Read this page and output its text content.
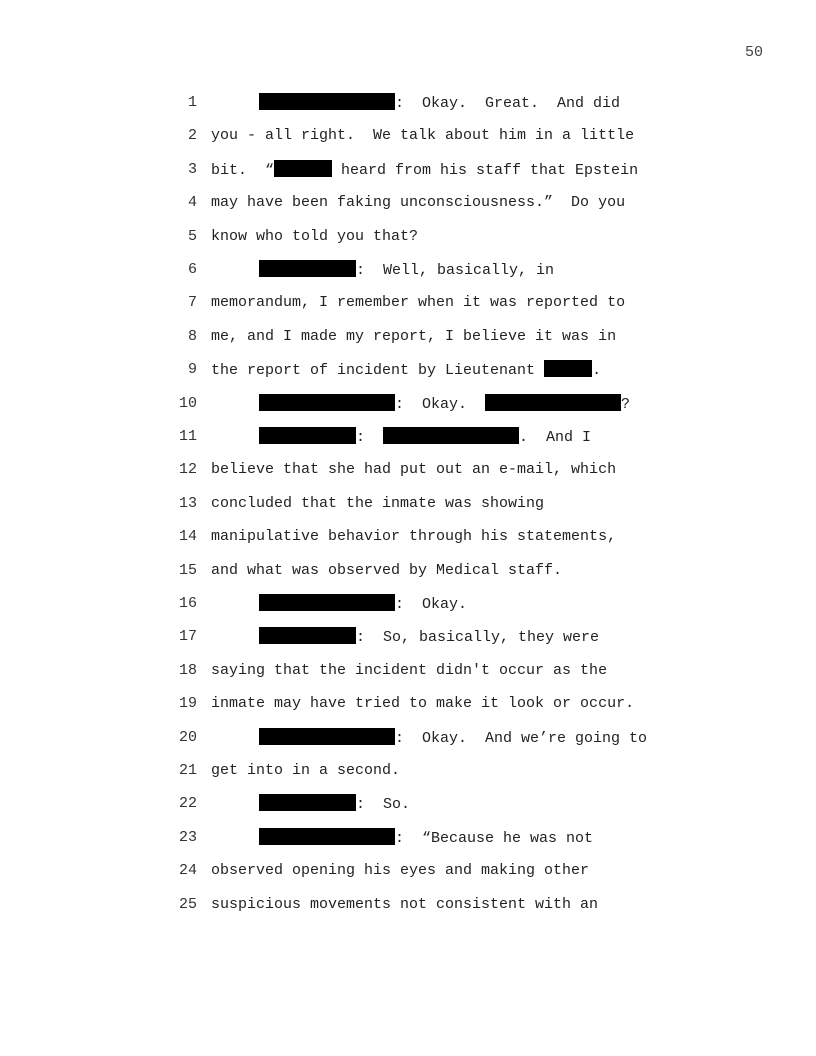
50
1	:  Okay.  Great.  And did
2 you - all right.  We talk about him in a little
3 bit.  “	heard from his staff that Epstein
4 may have been faking unconsciousness.”  Do you
5 know who told you that?
6	:  Well, basically, in
7 memorandum, I remember when it was reported to
8 me, and I made my report, I believe it was in
9 the report of incident by Lieutenant	.
10	:  Okay.	?
11	:	.  And I
12 believe that she had put out an e-mail, which
13 concluded that the inmate was showing
14 manipulative behavior through his statements,
15 and what was observed by Medical staff.
16	:  Okay.
17	:  So, basically, they were
18 saying that the incident didn't occur as the
19 inmate may have tried to make it look or occur.
20	:  Okay.  And we’re going to
21 get into in a second.
22	:  So.
23	:  “Because he was not
24 observed opening his eyes and making other
25 suspicious movements not consistent with an
